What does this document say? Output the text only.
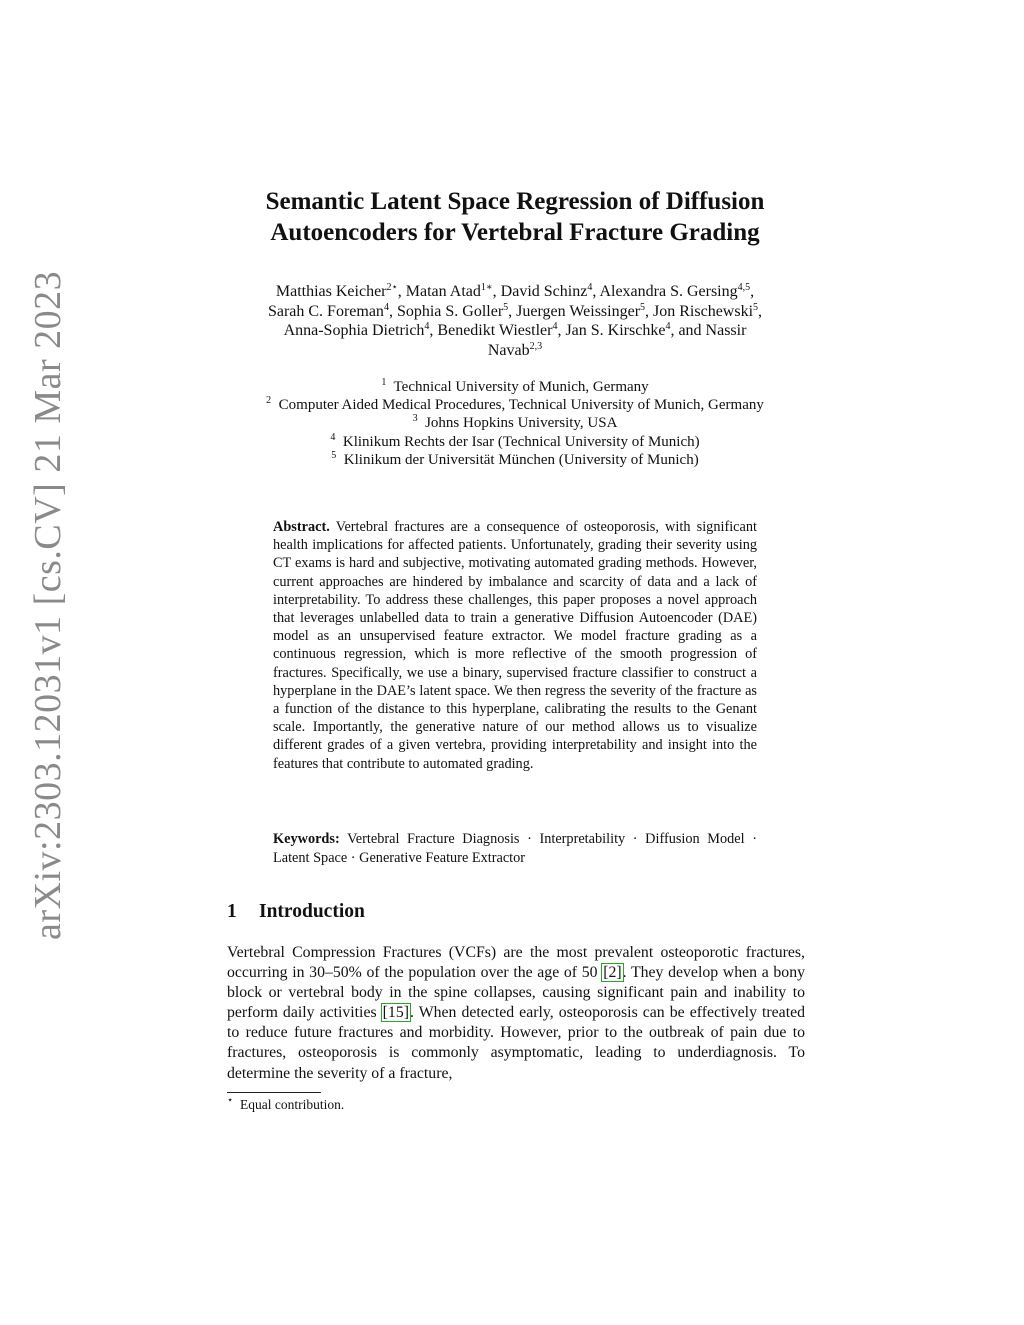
arXiv:2303.12031v1 [cs.CV] 21 Mar 2023
Semantic Latent Space Regression of Diffusion
Autoencoders for Vertebral Fracture Grading
Matthias Keicher$^{2⋆}$, Matan Atad$^{1∗}$, David Schinz$^4$, Alexandra S. Gersing$^{4,5}$,
Sarah C. Foreman$^4$, Sophia S. Goller$^5$, Juergen Weissinger$^5$, Jon Rischewski$^5$,
Anna-Sophia Dietrich$^4$, Benedikt Wiestler$^4$, Jan S. Kirschke$^4$, and Nassir
Navab$^{2,3}$
$^1$ Technical University of Munich, Germany
$^2$ Computer Aided Medical Procedures, Technical University of Munich, Germany
$^3$ Johns Hopkins University, USA
$^4$ Klinikum Rechts der Isar (Technical University of Munich)
$^5$ Klinikum der Universität München (University of Munich)
Abstract. Vertebral fractures are a consequence of osteoporosis, with significant health implications for affected patients. Unfortunately, grading their severity using CT exams is hard and subjective, motivating automated grading methods. However, current approaches are hindered by imbalance and scarcity of data and a lack of interpretability. To address these challenges, this paper proposes a novel approach that leverages unlabelled data to train a generative Diffusion Autoencoder (DAE) model as an unsupervised feature extractor. We model fracture grading as a continuous regression, which is more reflective of the smooth progression of fractures. Specifically, we use a binary, supervised fracture classifier to construct a hyperplane in the DAE’s latent space. We then regress the severity of the fracture as a function of the distance to this hyperplane, calibrating the results to the Genant scale. Importantly, the generative nature of our method allows us to visualize different grades of a given vertebra, providing interpretability and insight into the features that contribute to automated grading.
Keywords: Vertebral Fracture Diagnosis · Interpretability · Diffusion Model · Latent Space · Generative Feature Extractor
1 Introduction
Vertebral Compression Fractures (VCFs) are the most prevalent osteoporotic fractures, occurring in 30–50% of the population over the age of 50 [2]. They develop when a bony block or vertebral body in the spine collapses, causing significant pain and inability to perform daily activities [15]. When detected early, osteoporosis can be effectively treated to reduce future fractures and morbidity. However, prior to the outbreak of pain due to fractures, osteoporosis is commonly asymptomatic, leading to underdiagnosis. To determine the severity of a fracture,
⋆ Equal contribution.
